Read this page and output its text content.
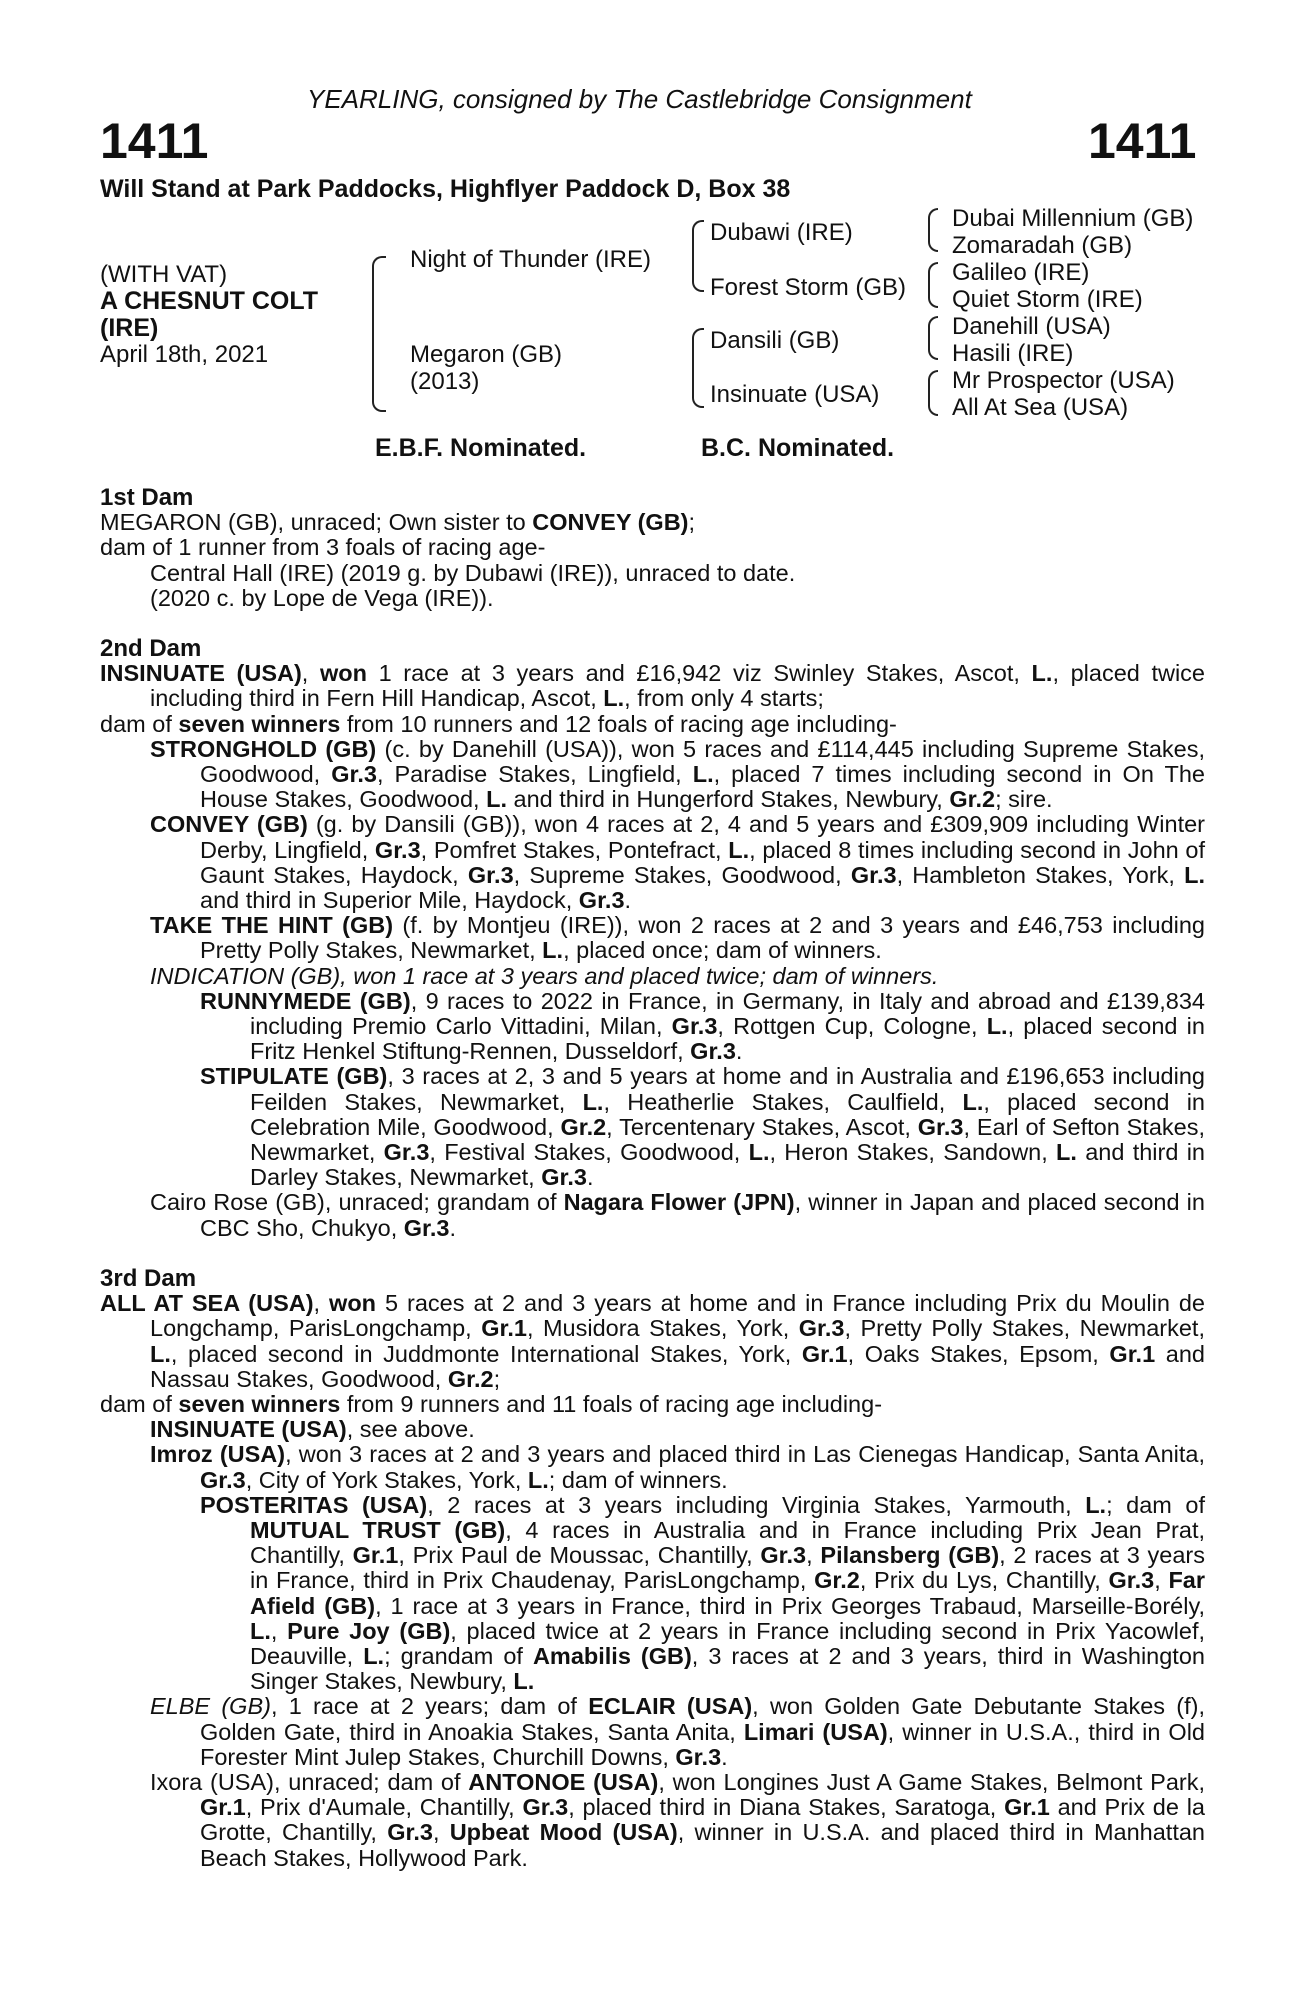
YEARLING, consigned by The Castlebridge Consignment
1411	1411
Will Stand at Park Paddocks, Highflyer Paddock D, Box 38
(WITH VAT)
A CHESNUT COLT
(IRE)
April 18th, 2021
Night of Thunder (IRE)
Megaron (GB)
(2013)
Dubawi (IRE)
Forest Storm (GB)
Dansili (GB)
Insinuate (USA)
Dubai Millennium (GB)
Zomaradah (GB)
Galileo (IRE)
Quiet Storm (IRE)
Danehill (USA)
Hasili (IRE)
Mr Prospector (USA)
All At Sea (USA)
E.B.F. Nominated.	B.C. Nominated.

1st Dam

MEGARON (GB), unraced; Own sister to CONVEY (GB);

dam of 1 runner from 3 foals of racing age-

Central Hall (IRE) (2019 g. by Dubawi (IRE)), unraced to date.

(2020 c. by Lope de Vega (IRE)).

2nd Dam

INSINUATE (USA), won 1 race at 3 years and £16,942 viz Swinley Stakes, Ascot, L., placed twice including third in Fern Hill Handicap, Ascot, L., from only 4 starts;

dam of seven winners from 10 runners and 12 foals of racing age including-

STRONGHOLD (GB) (c. by Danehill (USA)), won 5 races and £114,445 including Supreme Stakes, Goodwood, Gr.3, Paradise Stakes, Lingfield, L., placed 7 times including second in On The House Stakes, Goodwood, L. and third in Hungerford Stakes, Newbury, Gr.2; sire.

CONVEY (GB) (g. by Dansili (GB)), won 4 races at 2, 4 and 5 years and £309,909 including Winter Derby, Lingfield, Gr.3, Pomfret Stakes, Pontefract, L., placed 8 times including second in John of Gaunt Stakes, Haydock, Gr.3, Supreme Stakes, Goodwood, Gr.3, Hambleton Stakes, York, L. and third in Superior Mile, Haydock, Gr.3.

TAKE THE HINT (GB) (f. by Montjeu (IRE)), won 2 races at 2 and 3 years and £46,753 including Pretty Polly Stakes, Newmarket, L., placed once; dam of winners.

INDICATION (GB), won 1 race at 3 years and placed twice; dam of winners.

RUNNYMEDE (GB), 9 races to 2022 in France, in Germany, in Italy and abroad and £139,834 including Premio Carlo Vittadini, Milan, Gr.3, Rottgen Cup, Cologne, L., placed second in Fritz Henkel Stiftung-Rennen, Dusseldorf, Gr.3.

STIPULATE (GB), 3 races at 2, 3 and 5 years at home and in Australia and £196,653 including Feilden Stakes, Newmarket, L., Heatherlie Stakes, Caulfield, L., placed second in Celebration Mile, Goodwood, Gr.2, Tercentenary Stakes, Ascot, Gr.3, Earl of Sefton Stakes, Newmarket, Gr.3, Festival Stakes, Goodwood, L., Heron Stakes, Sandown, L. and third in Darley Stakes, Newmarket, Gr.3.

Cairo Rose (GB), unraced; grandam of Nagara Flower (JPN), winner in Japan and placed second in CBC Sho, Chukyo, Gr.3.

3rd Dam

ALL AT SEA (USA), won 5 races at 2 and 3 years at home and in France including Prix du Moulin de Longchamp, ParisLongchamp, Gr.1, Musidora Stakes, York, Gr.3, Pretty Polly Stakes, Newmarket, L., placed second in Juddmonte International Stakes, York, Gr.1, Oaks Stakes, Epsom, Gr.1 and Nassau Stakes, Goodwood, Gr.2;

dam of seven winners from 9 runners and 11 foals of racing age including-

INSINUATE (USA), see above.

Imroz (USA), won 3 races at 2 and 3 years and placed third in Las Cienegas Handicap, Santa Anita, Gr.3, City of York Stakes, York, L.; dam of winners.

POSTERITAS (USA), 2 races at 3 years including Virginia Stakes, Yarmouth, L.; dam of MUTUAL TRUST (GB), 4 races in Australia and in France including Prix Jean Prat, Chantilly, Gr.1, Prix Paul de Moussac, Chantilly, Gr.3, Pilansberg (GB), 2 races at 3 years in France, third in Prix Chaudenay, ParisLongchamp, Gr.2, Prix du Lys, Chantilly, Gr.3, Far Afield (GB), 1 race at 3 years in France, third in Prix Georges Trabaud, Marseille-Borély, L., Pure Joy (GB), placed twice at 2 years in France including second in Prix Yacowlef, Deauville, L.; grandam of Amabilis (GB), 3 races at 2 and 3 years, third in Washington Singer Stakes, Newbury, L.

ELBE (GB), 1 race at 2 years; dam of ECLAIR (USA), won Golden Gate Debutante Stakes (f), Golden Gate, third in Anoakia Stakes, Santa Anita, Limari (USA), winner in U.S.A., third in Old Forester Mint Julep Stakes, Churchill Downs, Gr.3.

Ixora (USA), unraced; dam of ANTONOE (USA), won Longines Just A Game Stakes, Belmont Park, Gr.1, Prix d'Aumale, Chantilly, Gr.3, placed third in Diana Stakes, Saratoga, Gr.1 and Prix de la Grotte, Chantilly, Gr.3, Upbeat Mood (USA), winner in U.S.A. and placed third in Manhattan Beach Stakes, Hollywood Park.
